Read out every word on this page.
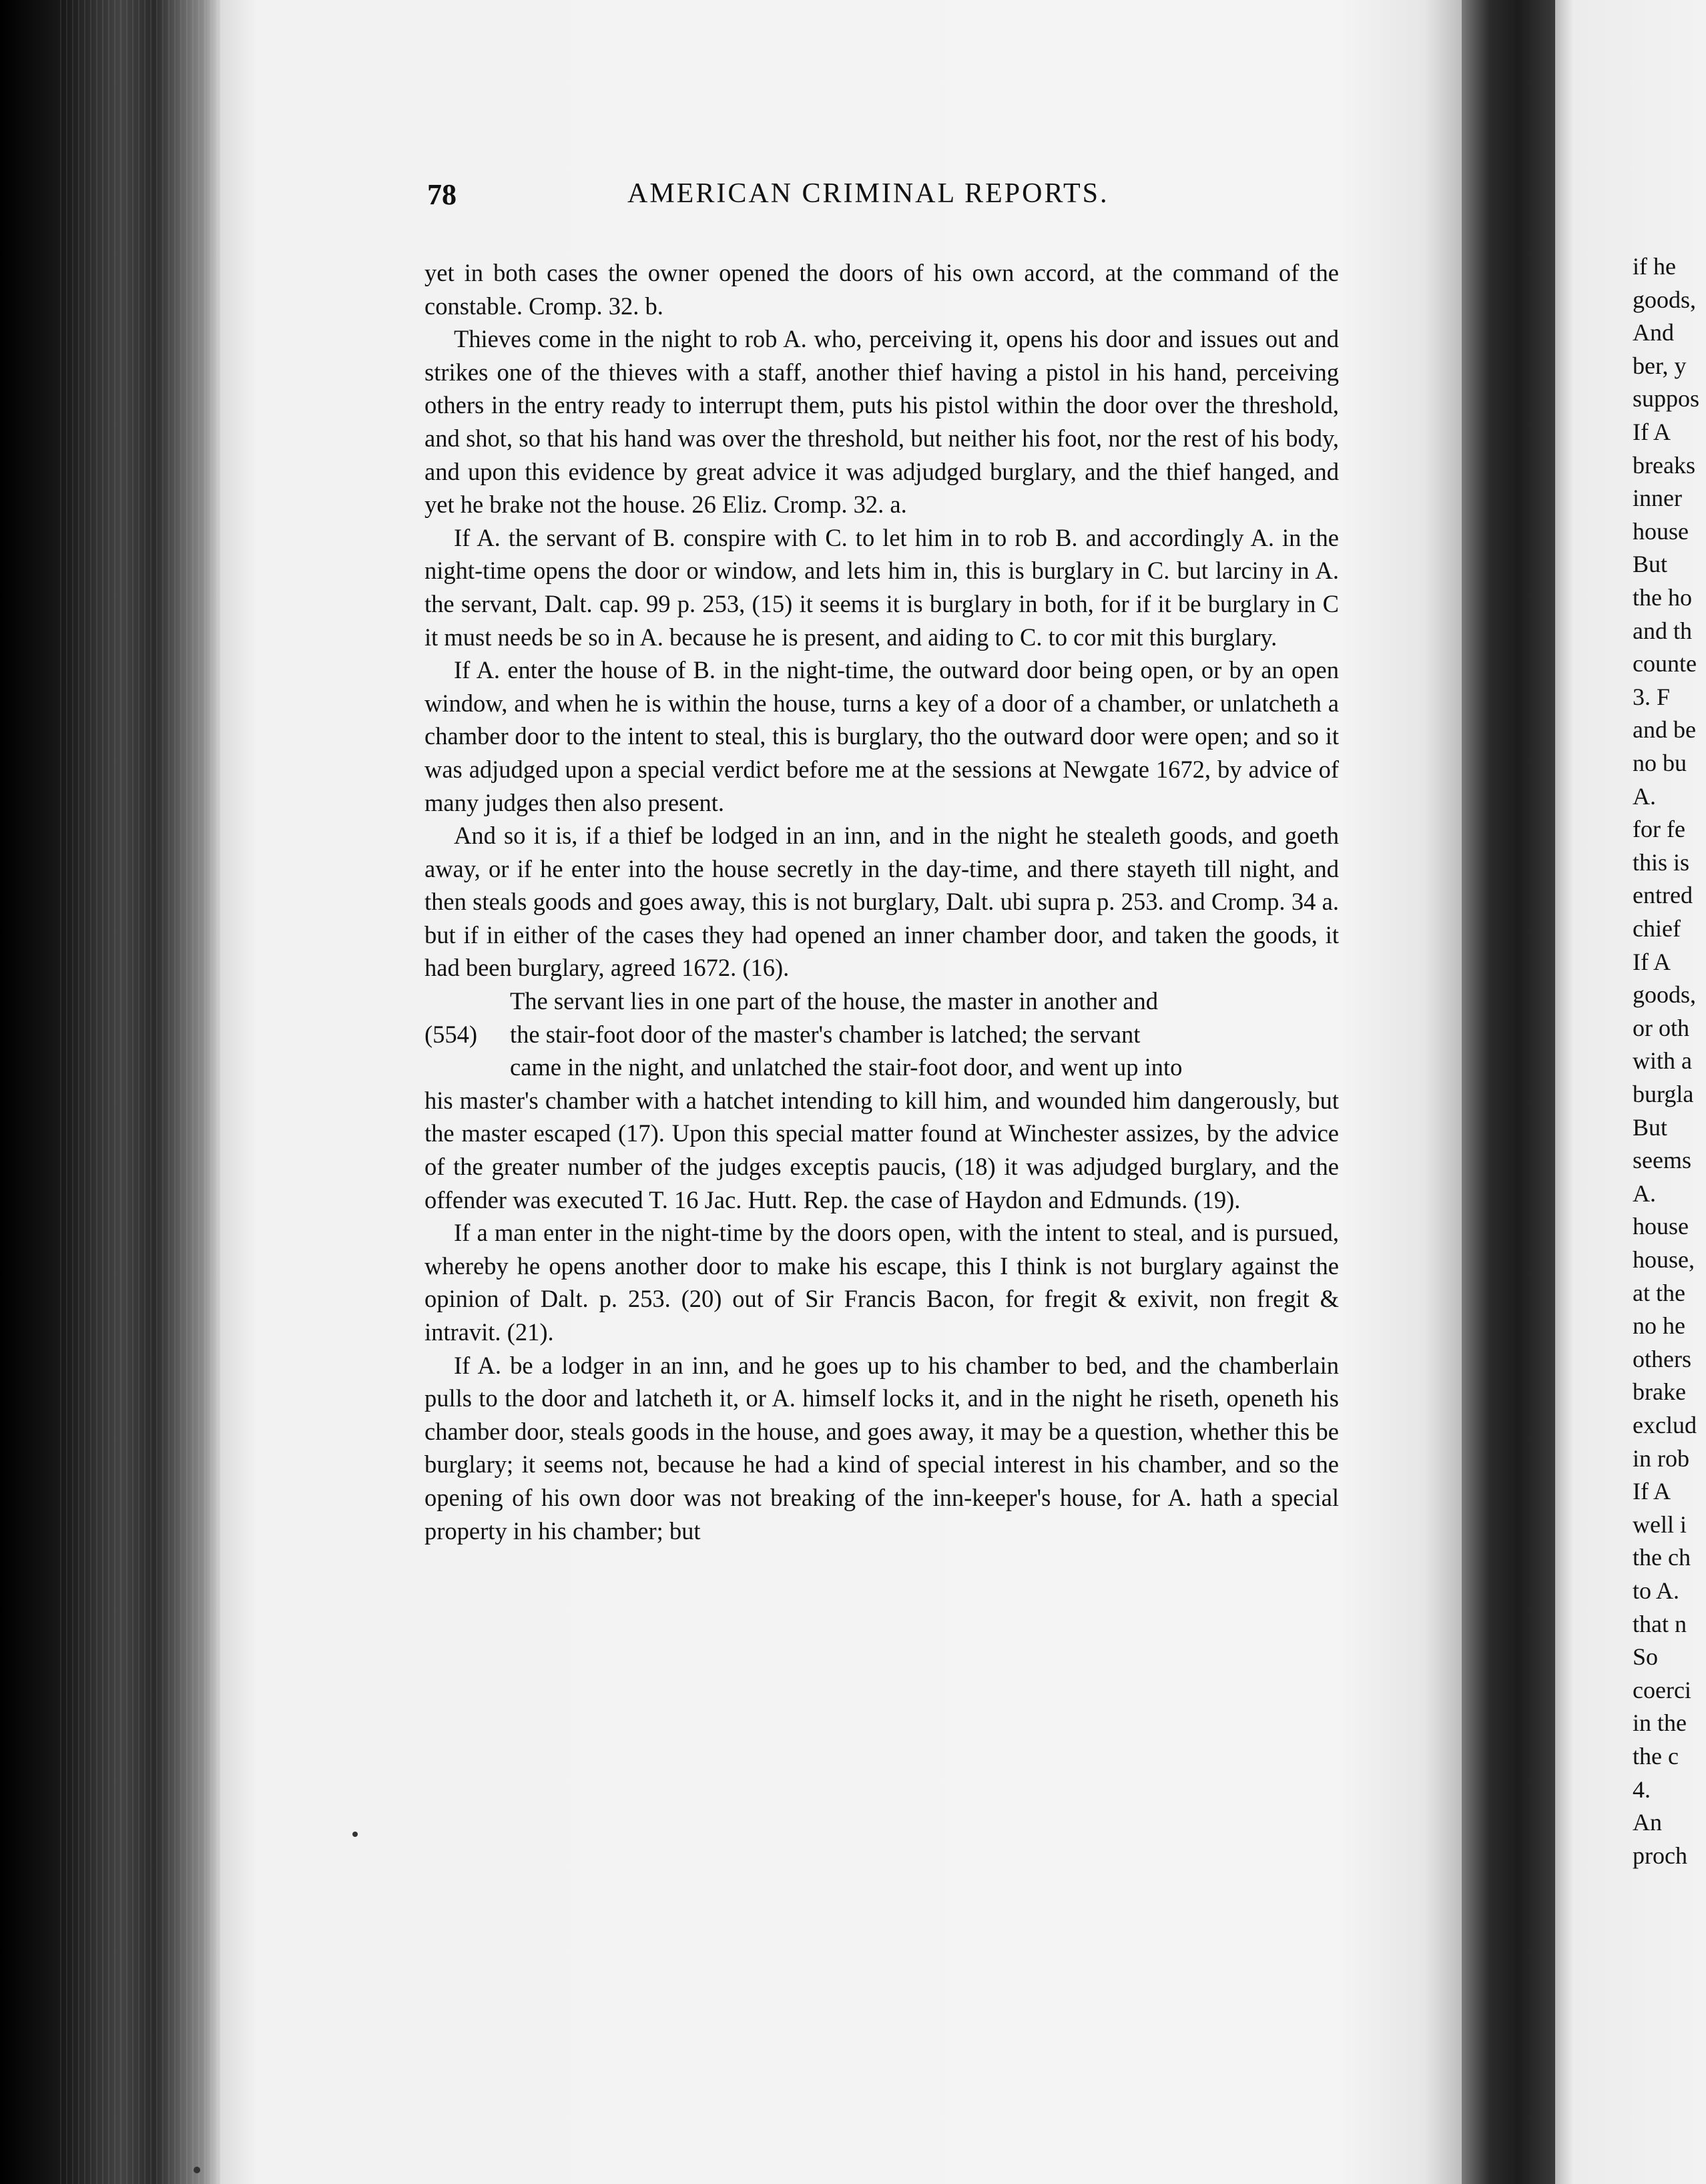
78	AMERICAN CRIMINAL REPORTS.

yet in both cases the owner opened the doors of his own accord, at the command of the constable. Cromp. 32. b.

Thieves come in the night to rob A. who, perceiving it, opens his door and issues out and strikes one of the thieves with a staff, another thief having a pistol in his hand, perceiving others in the entry ready to interrupt them, puts his pistol within the door over the threshold, and shot, so that his hand was over the threshold, but neither his foot, nor the rest of his body, and upon this evidence by great advice it was adjudged burglary, and the thief hanged, and yet he brake not the house. 26 Eliz. Cromp. 32. a.

If A. the servant of B. conspire with C. to let him in to rob B. and accordingly A. in the night-time opens the door or window, and lets him in, this is burglary in C. but larciny in A. the servant, Dalt. cap. 99 p. 253, (15) it seems it is burglary in both, for if it be burglary in C it must needs be so in A. because he is present, and aiding to C. to cor mit this burglary.

If A. enter the house of B. in the night-time, the outward door being open, or by an open window, and when he is within the house, turns a key of a door of a chamber, or unlatcheth a chamber door to the intent to steal, this is burglary, tho the outward door were open; and so it was adjudged upon a special verdict before me at the sessions at Newgate 1672, by advice of many judges then also present.

And so it is, if a thief be lodged in an inn, and in the night he stealeth goods, and goeth away, or if he enter into the house secretly in the day-time, and there stayeth till night, and then steals goods and goes away, this is not burglary, Dalt. ubi supra p. 253. and Cromp. 34 a. but if in either of the cases they had opened an inner chamber door, and taken the goods, it had been burglary, agreed 1672. (16).

(554)

The servant lies in one part of the house, the master in another and

the stair-foot door of the master's chamber is latched; the servant

came in the night, and unlatched the stair-foot door, and went up into

his master's chamber with a hatchet intending to kill him, and wounded him dangerously, but the master escaped (17). Upon this special matter found at Winchester assizes, by the advice of the greater number of the judges exceptis paucis, (18) it was adjudged burglary, and the offender was executed T. 16 Jac. Hutt. Rep. the case of Haydon and Edmunds. (19).

If a man enter in the night-time by the doors open, with the intent to steal, and is pursued, whereby he opens another door to make his escape, this I think is not burglary against the opinion of Dalt. p. 253. (20) out of Sir Francis Bacon, for fregit & exivit, non fregit & intravit. (21).

If A. be a lodger in an inn, and he goes up to his chamber to bed, and the chamberlain pulls to the door and latcheth it, or A. himself locks it, and in the night he riseth, openeth his chamber door, steals goods in the house, and goes away, it may be a question, whether this be burglary; it seems not, because he had a kind of special interest in his chamber, and so the opening of his own door was not breaking of the inn-keeper's house, for A. hath a special property in his chamber; but

if he
goods,
And
ber, y
suppos
If A
breaks
inner
house
But
the ho
and th
counte
3. F
and be
no bu
A.
for fe
this is
entred
chief
If A
goods,
or oth
with a
burgla
But
seems
A.
house
house,
at the
no he
others
brake
exclud
in rob
If A
well i
the ch
to A.
that n
So
coerci
in the
the c
4.
An
proch
